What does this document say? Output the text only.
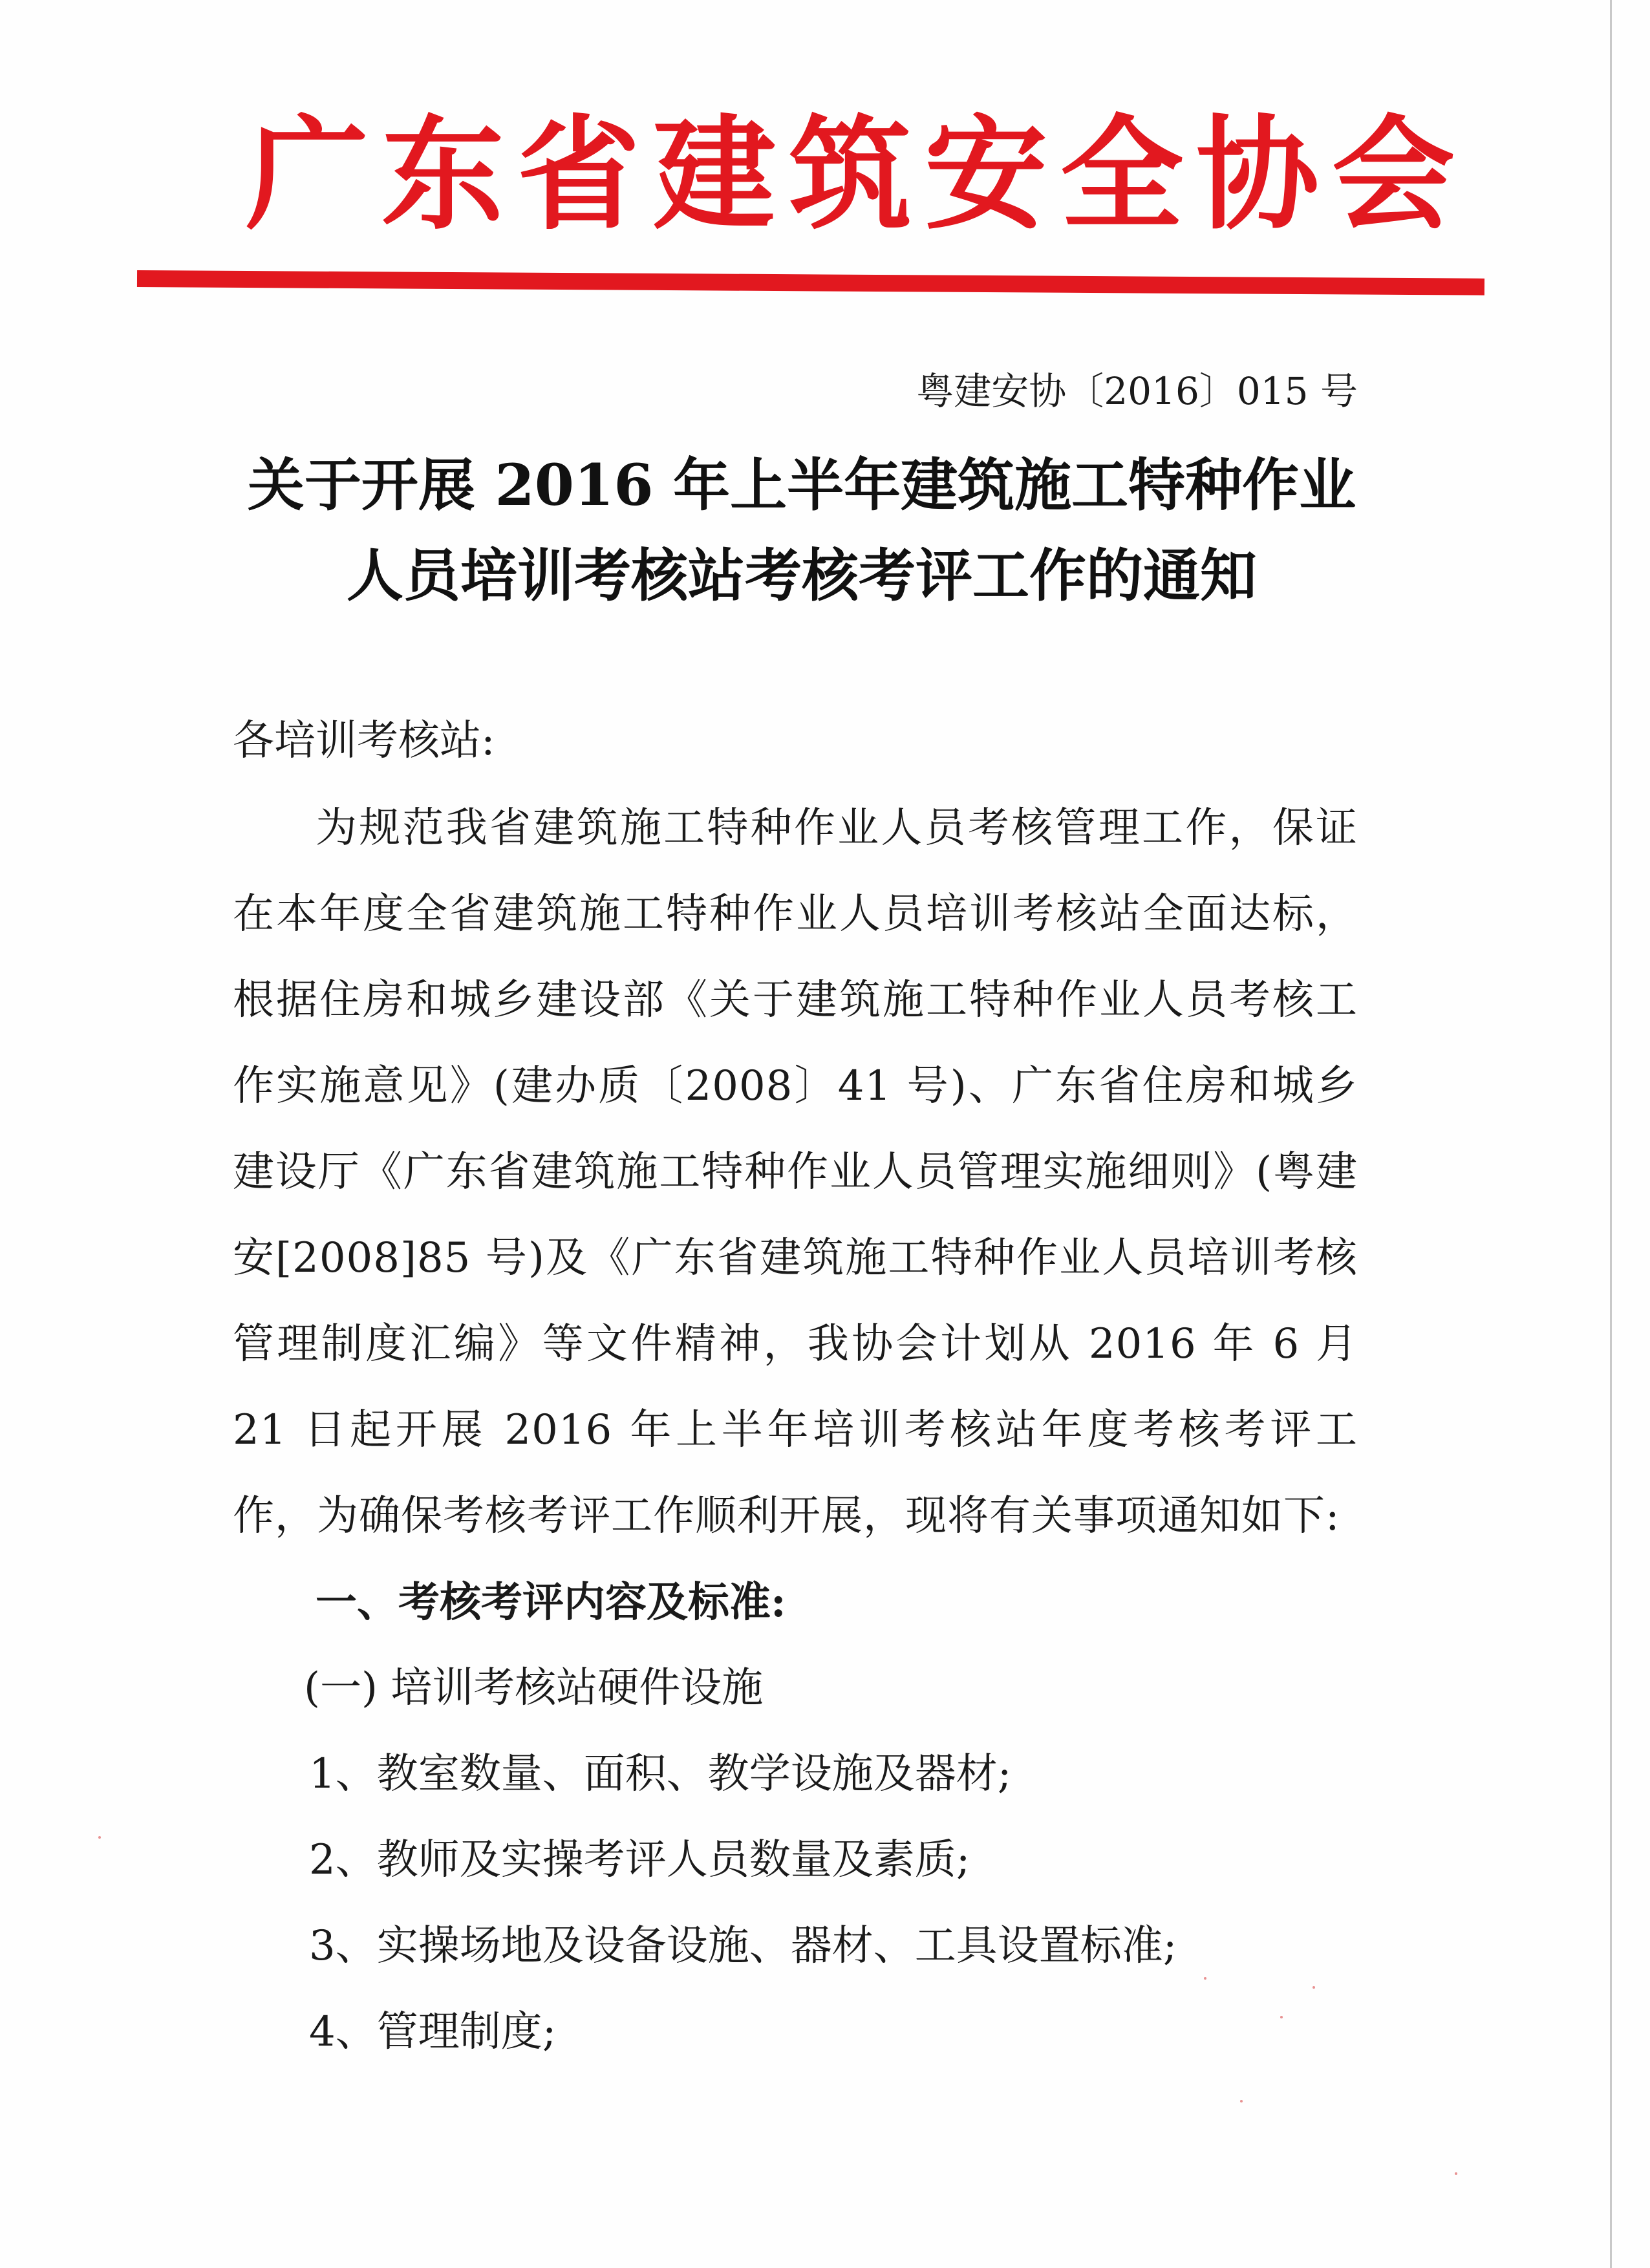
广东省建筑安全协会
粤建安协〔2016〕015 号
关于开展 2016 年上半年建筑施工特种作业
人员培训考核站考核考评工作的通知
各培训考核站:
为规范我省建筑施工特种作业人员考核管理工作，保证在本年度全省建筑施工特种作业人员培训考核站全面达标，根据住房和城乡建设部《关于建筑施工特种作业人员考核工作实施意见》(建办质〔2008〕41 号)、广东省住房和城乡建设厅《广东省建筑施工特种作业人员管理实施细则》(粤建安[2008]85 号)及《广东省建筑施工特种作业人员培训考核管理制度汇编》等文件精神，我协会计划从 2016 年 6 月 21 日起开展 2016 年上半年培训考核站年度考核考评工作，为确保考核考评工作顺利开展，现将有关事项通知如下:
一、考核考评内容及标准:
(一) 培训考核站硬件设施
1、教室数量、面积、教学设施及器材;
2、教师及实操考评人员数量及素质;
3、实操场地及设备设施、器材、工具设置标准;
4、管理制度;
